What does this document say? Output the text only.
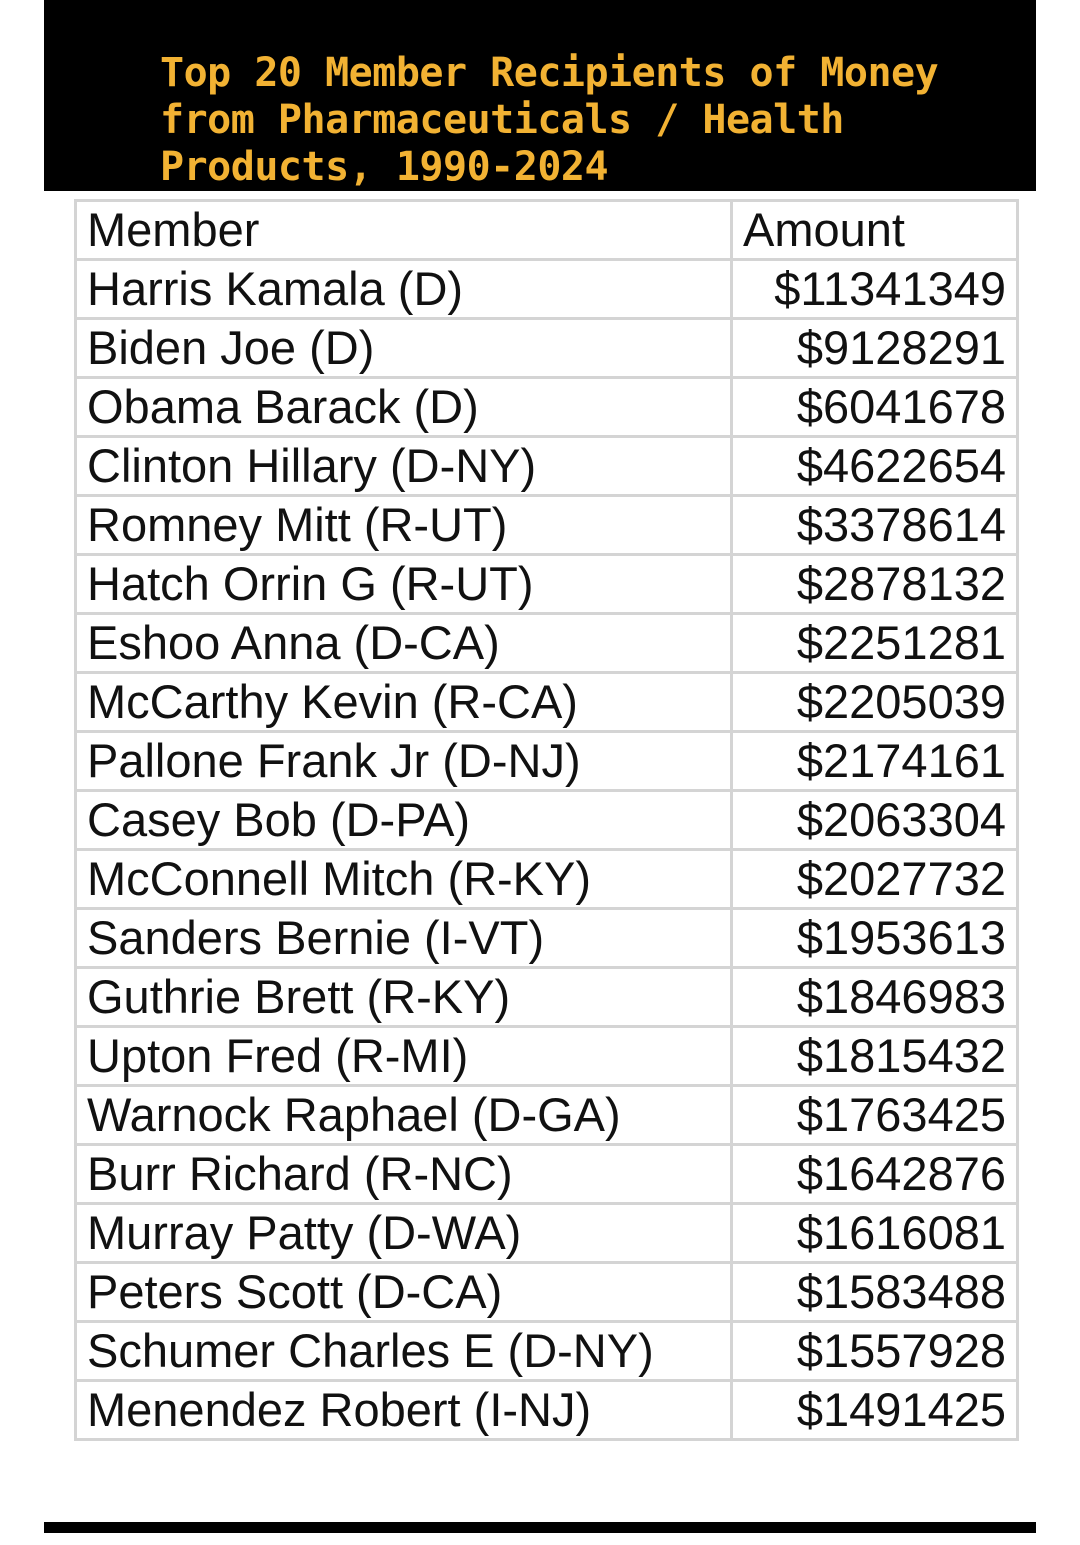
Top 20 Member Recipients of Money from Pharmaceuticals / Health Products, 1990-2024
Member	Amount
Harris Kamala (D)	$11341349
Biden Joe (D)	$9128291
Obama Barack (D)	$6041678
Clinton Hillary (D-NY)	$4622654
Romney Mitt (R-UT)	$3378614
Hatch Orrin G (R-UT)	$2878132
Eshoo Anna (D-CA)	$2251281
McCarthy Kevin (R-CA)	$2205039
Pallone Frank Jr (D-NJ)	$2174161
Casey Bob (D-PA)	$2063304
McConnell Mitch (R-KY)	$2027732
Sanders Bernie (I-VT)	$1953613
Guthrie Brett (R-KY)	$1846983
Upton Fred (R-MI)	$1815432
Warnock Raphael (D-GA)	$1763425
Burr Richard (R-NC)	$1642876
Murray Patty (D-WA)	$1616081
Peters Scott (D-CA)	$1583488
Schumer Charles E (D-NY)	$1557928
Menendez Robert (I-NJ)	$1491425
